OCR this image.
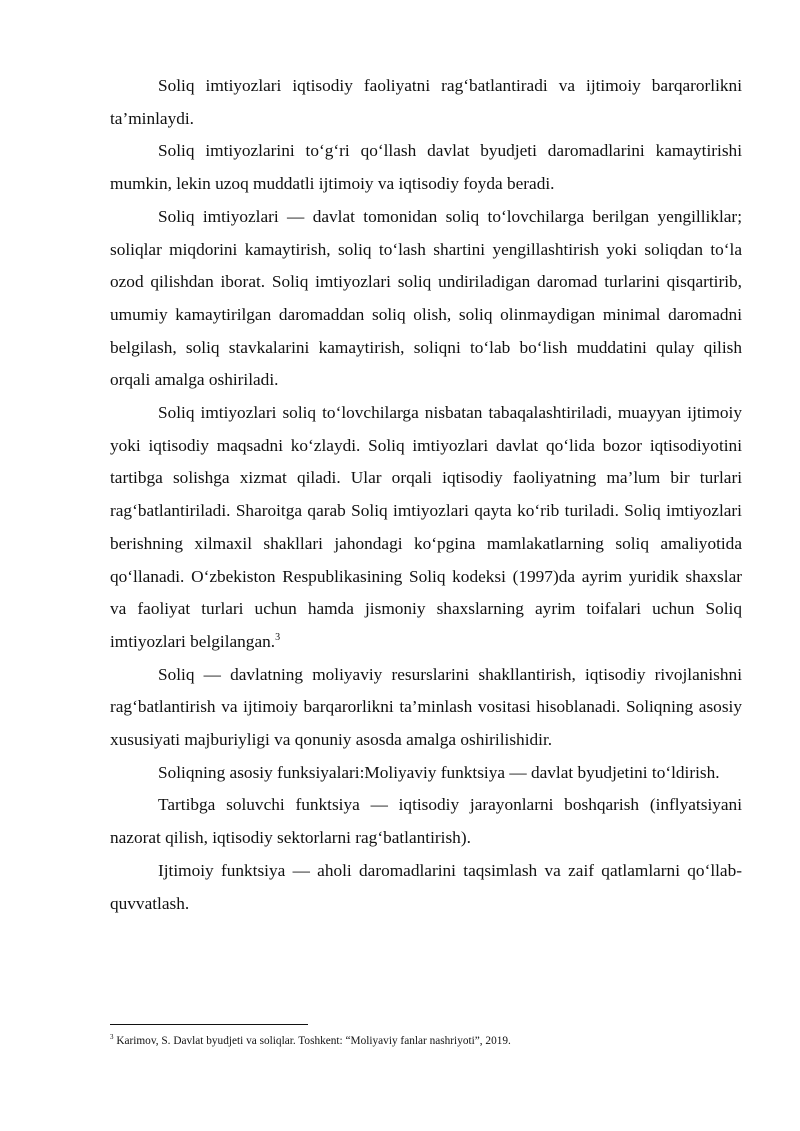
Soliq imtiyozlari iqtisodiy faoliyatni rag‘batlantiradi va ijtimoiy barqarorlikni ta’minlaydi.

Soliq imtiyozlarini to‘g‘ri qo‘llash davlat byudjeti daromadlarini kamaytirishi mumkin, lekin uzoq muddatli ijtimoiy va iqtisodiy foyda beradi.

Soliq imtiyozlari — davlat tomonidan soliq to‘lovchilarga berilgan yengilliklar; soliqlar miqdorini kamaytirish, soliq to‘lash shartini yengillashtirish yoki soliqdan to‘la ozod qilishdan iborat. Soliq imtiyozlari soliq undiriladigan daromad turlarini qisqartirib, umumiy kamaytirilgan daromaddan soliq olish, soliq olinmaydigan minimal daromadni belgilash, soliq stavkalarini kamaytirish, soliqni to‘lab bo‘lish muddatini qulay qilish orqali amalga oshiriladi.

Soliq imtiyozlari soliq to‘lovchilarga nisbatan tabaqalashtiriladi, muayyan ijtimoiy yoki iqtisodiy maqsadni ko‘zlaydi. Soliq imtiyozlari davlat qo‘lida bozor iqtisodiyotini tartibga solishga xizmat qiladi. Ular orqali iqtisodiy faoliyatning ma’lum bir turlari rag‘batlantiriladi. Sharoitga qarab Soliq imtiyozlari qayta ko‘rib turiladi. Soliq imtiyozlari berishning xilmaxil shakllari jahondagi ko‘pgina mamlakatlarning soliq amaliyotida qo‘llanadi. O‘zbekiston Respublikasining Soliq kodeksi (1997)da ayrim yuridik shaxslar va faoliyat turlari uchun hamda jismoniy shaxslarning ayrim toifalari uchun Soliq imtiyozlari belgilangan.$^3$

Soliq — davlatning moliyaviy resurslarini shakllantirish, iqtisodiy rivojlanishni rag‘batlantirish va ijtimoiy barqarorlikni ta’minlash vositasi hisoblanadi. Soliqning asosiy xususiyati majburiyligi va qonuniy asosda amalga oshirilishidir.

Soliqning asosiy funksiyalari:Moliyaviy funktsiya — davlat byudjetini to‘ldirish.

Tartibga soluvchi funktsiya — iqtisodiy jarayonlarni boshqarish (inflyatsiyani nazorat qilish, iqtisodiy sektorlarni rag‘batlantirish).

Ijtimoiy funktsiya — aholi daromadlarini taqsimlash va zaif qatlamlarni qo‘llab-quvvatlash.

$^3$ Karimov, S. Davlat byudjeti va soliqlar. Toshkent: “Moliyaviy fanlar nashriyoti”, 2019.
